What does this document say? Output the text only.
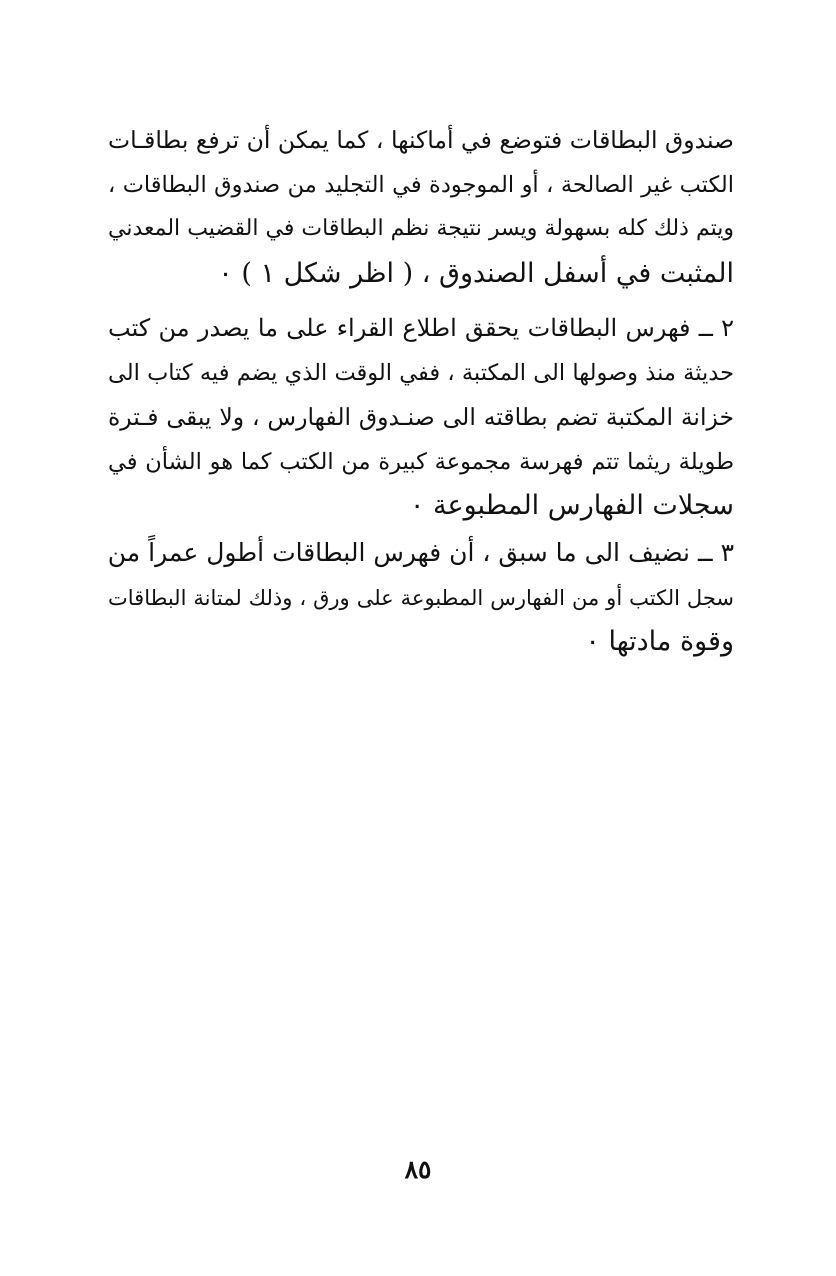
صندوق البطاقات فتوضع في أماكنها ، كما يمكن أن ترفع بطاقـات
الكتب غير الصالحة ، أو الموجودة في التجليد من صندوق البطاقات ،
ويتم ذلك كله بسهولة ويسر نتيجة نظم البطاقات في القضيب المعدني
المثبت في أسفل الصندوق ، ( اظر شكل ١ ) ٠
٢ ــ فهرس البطاقات يحقق اطلاع القراء على ما يصدر من كتب
حديثة منذ وصولها الى المكتبة ، ففي الوقت الذي يضم فيه كتاب الى
خزانة المكتبة تضم بطاقته الى صنـدوق الفهارس ، ولا يبقى فـترة
طويلة ريثما تتم فهرسة مجموعة كبيرة من الكتب كما هو الشأن في
سجلات الفهارس المطبوعة ٠
٣ ــ نضيف الى ما سبق ، أن فهرس البطاقات أطول عمراً من
سجل الكتب أو من الفهارس المطبوعة على ورق ، وذلك لمتانة البطاقات
وقوة مادتها ٠
٨٥
